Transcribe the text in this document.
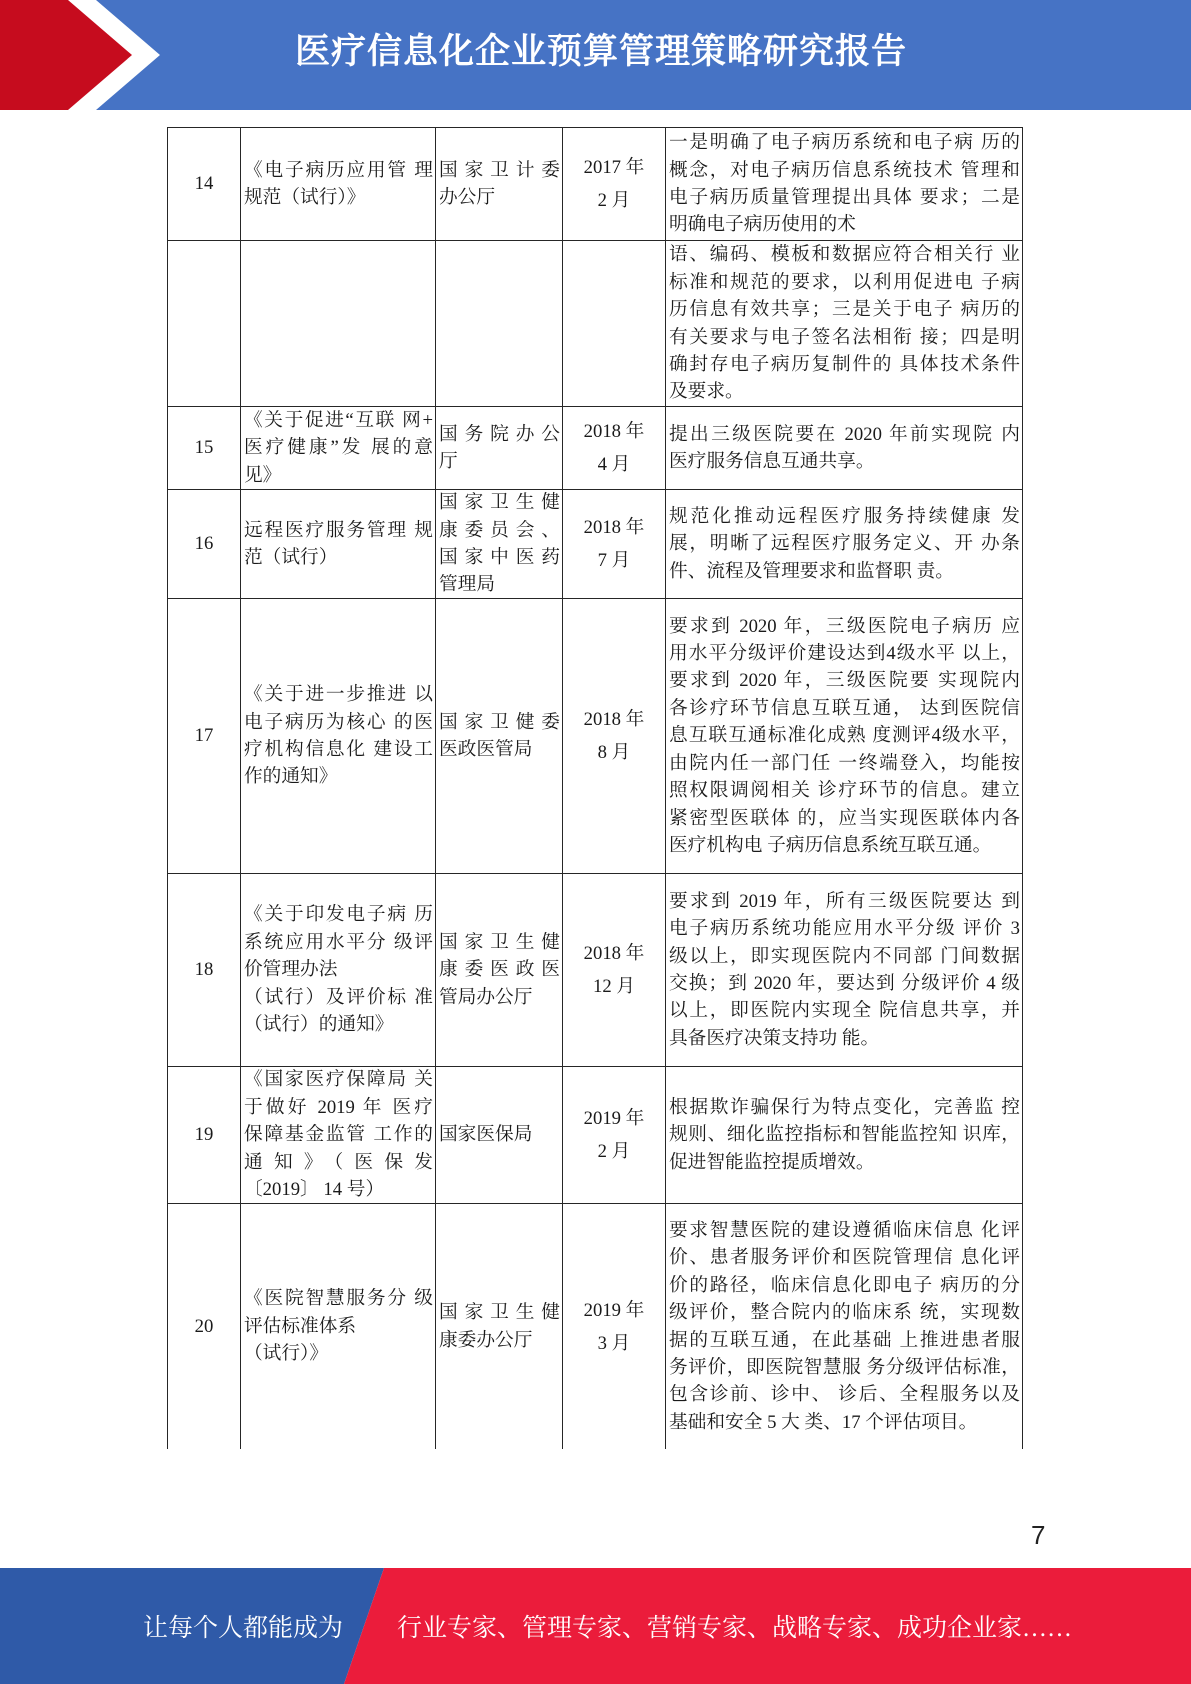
医疗信息化企业预算管理策略研究报告
14
《电子病历应用管 理
规范（试行）》
国家卫计委
办公厅
2017 年
2 月
一是明确了电子病历系统和电子病 历的
概念，对电子病历信息系统技术 管理和
电子病历质量管理提出具体 要求；二是
明确电子病历使用的术
语、编码、模板和数据应符合相关行 业
标准和规范的要求，以利用促进电 子病
历信息有效共享；三是关于电子 病历的
有关要求与电子签名法相衔 接；四是明
确封存电子病历复制件的 具体技术条件
及要求。
15
《关于促进“互联 网+
医疗健康”发 展的意
见》
国务院办公
厅
2018 年
4 月
提出三级医院要在 2020 年前实现院 内
医疗服务信息互通共享。
16
远程医疗服务管理 规
范（试行）
国家卫生健
康委员会、
国家中医药
管理局
2018 年
7 月
规范化推动远程医疗服务持续健康 发
展，明晰了远程医疗服务定义、开 办条
件、流程及管理要求和监督职 责。
17
《关于进一步推进 以
电子病历为核心 的医
疗机构信息化 建设工
作的通知》
国家卫健委
医政医管局
2018 年
8 月
要求到 2020 年，三级医院电子病历 应
用水平分级评价建设达到4级水平 以上，
要求到 2020 年，三级医院要 实现院内
各诊疗环节信息互联互通， 达到医院信
息互联互通标准化成熟 度测评4级水平，
由院内任一部门任 一终端登入，均能按
照权限调阅相关 诊疗环节的信息。建立
紧密型医联体 的，应当实现医联体内各
医疗机构电 子病历信息系统互联互通。
18
《关于印发电子病 历
系统应用水平分 级评
价管理办法
（试行）及评价标 准
（试行）的通知》
国家卫生健
康委医政医
管局办公厅
2018 年
12 月
要求到 2019 年，所有三级医院要达 到
电子病历系统功能应用水平分级 评价 3
级以上，即实现医院内不同部 门间数据
交换；到 2020 年，要达到 分级评价 4 级
以上，即医院内实现全 院信息共享，并
具备医疗决策支持功 能。
19
《国家医疗保障局 关
于做好 2019 年 医疗
保障基金监管 工作的
通知》（医保发
〔2019〕 14 号）
国家医保局
2019 年
2 月
根据欺诈骗保行为特点变化，完善监 控
规则、细化监控指标和智能监控知 识库，
促进智能监控提质增效。
20
《医院智慧服务分 级
评估标准体系
（试行）》
国家卫生健
康委办公厅
2019 年
3 月
要求智慧医院的建设遵循临床信息 化评
价、患者服务评价和医院管理信 息化评
价的路径，临床信息化即电子 病历的分
级评价，整合院内的临床系 统，实现数
据的互联互通，在此基础 上推进患者服
务评价，即医院智慧服 务分级评估标准，
包含诊前、诊中、 诊后、全程服务以及
基础和安全 5 大 类、17 个评估项目。
7
让每个人都能成为 行业专家、管理专家、营销专家、战略专家、成功企业家……
